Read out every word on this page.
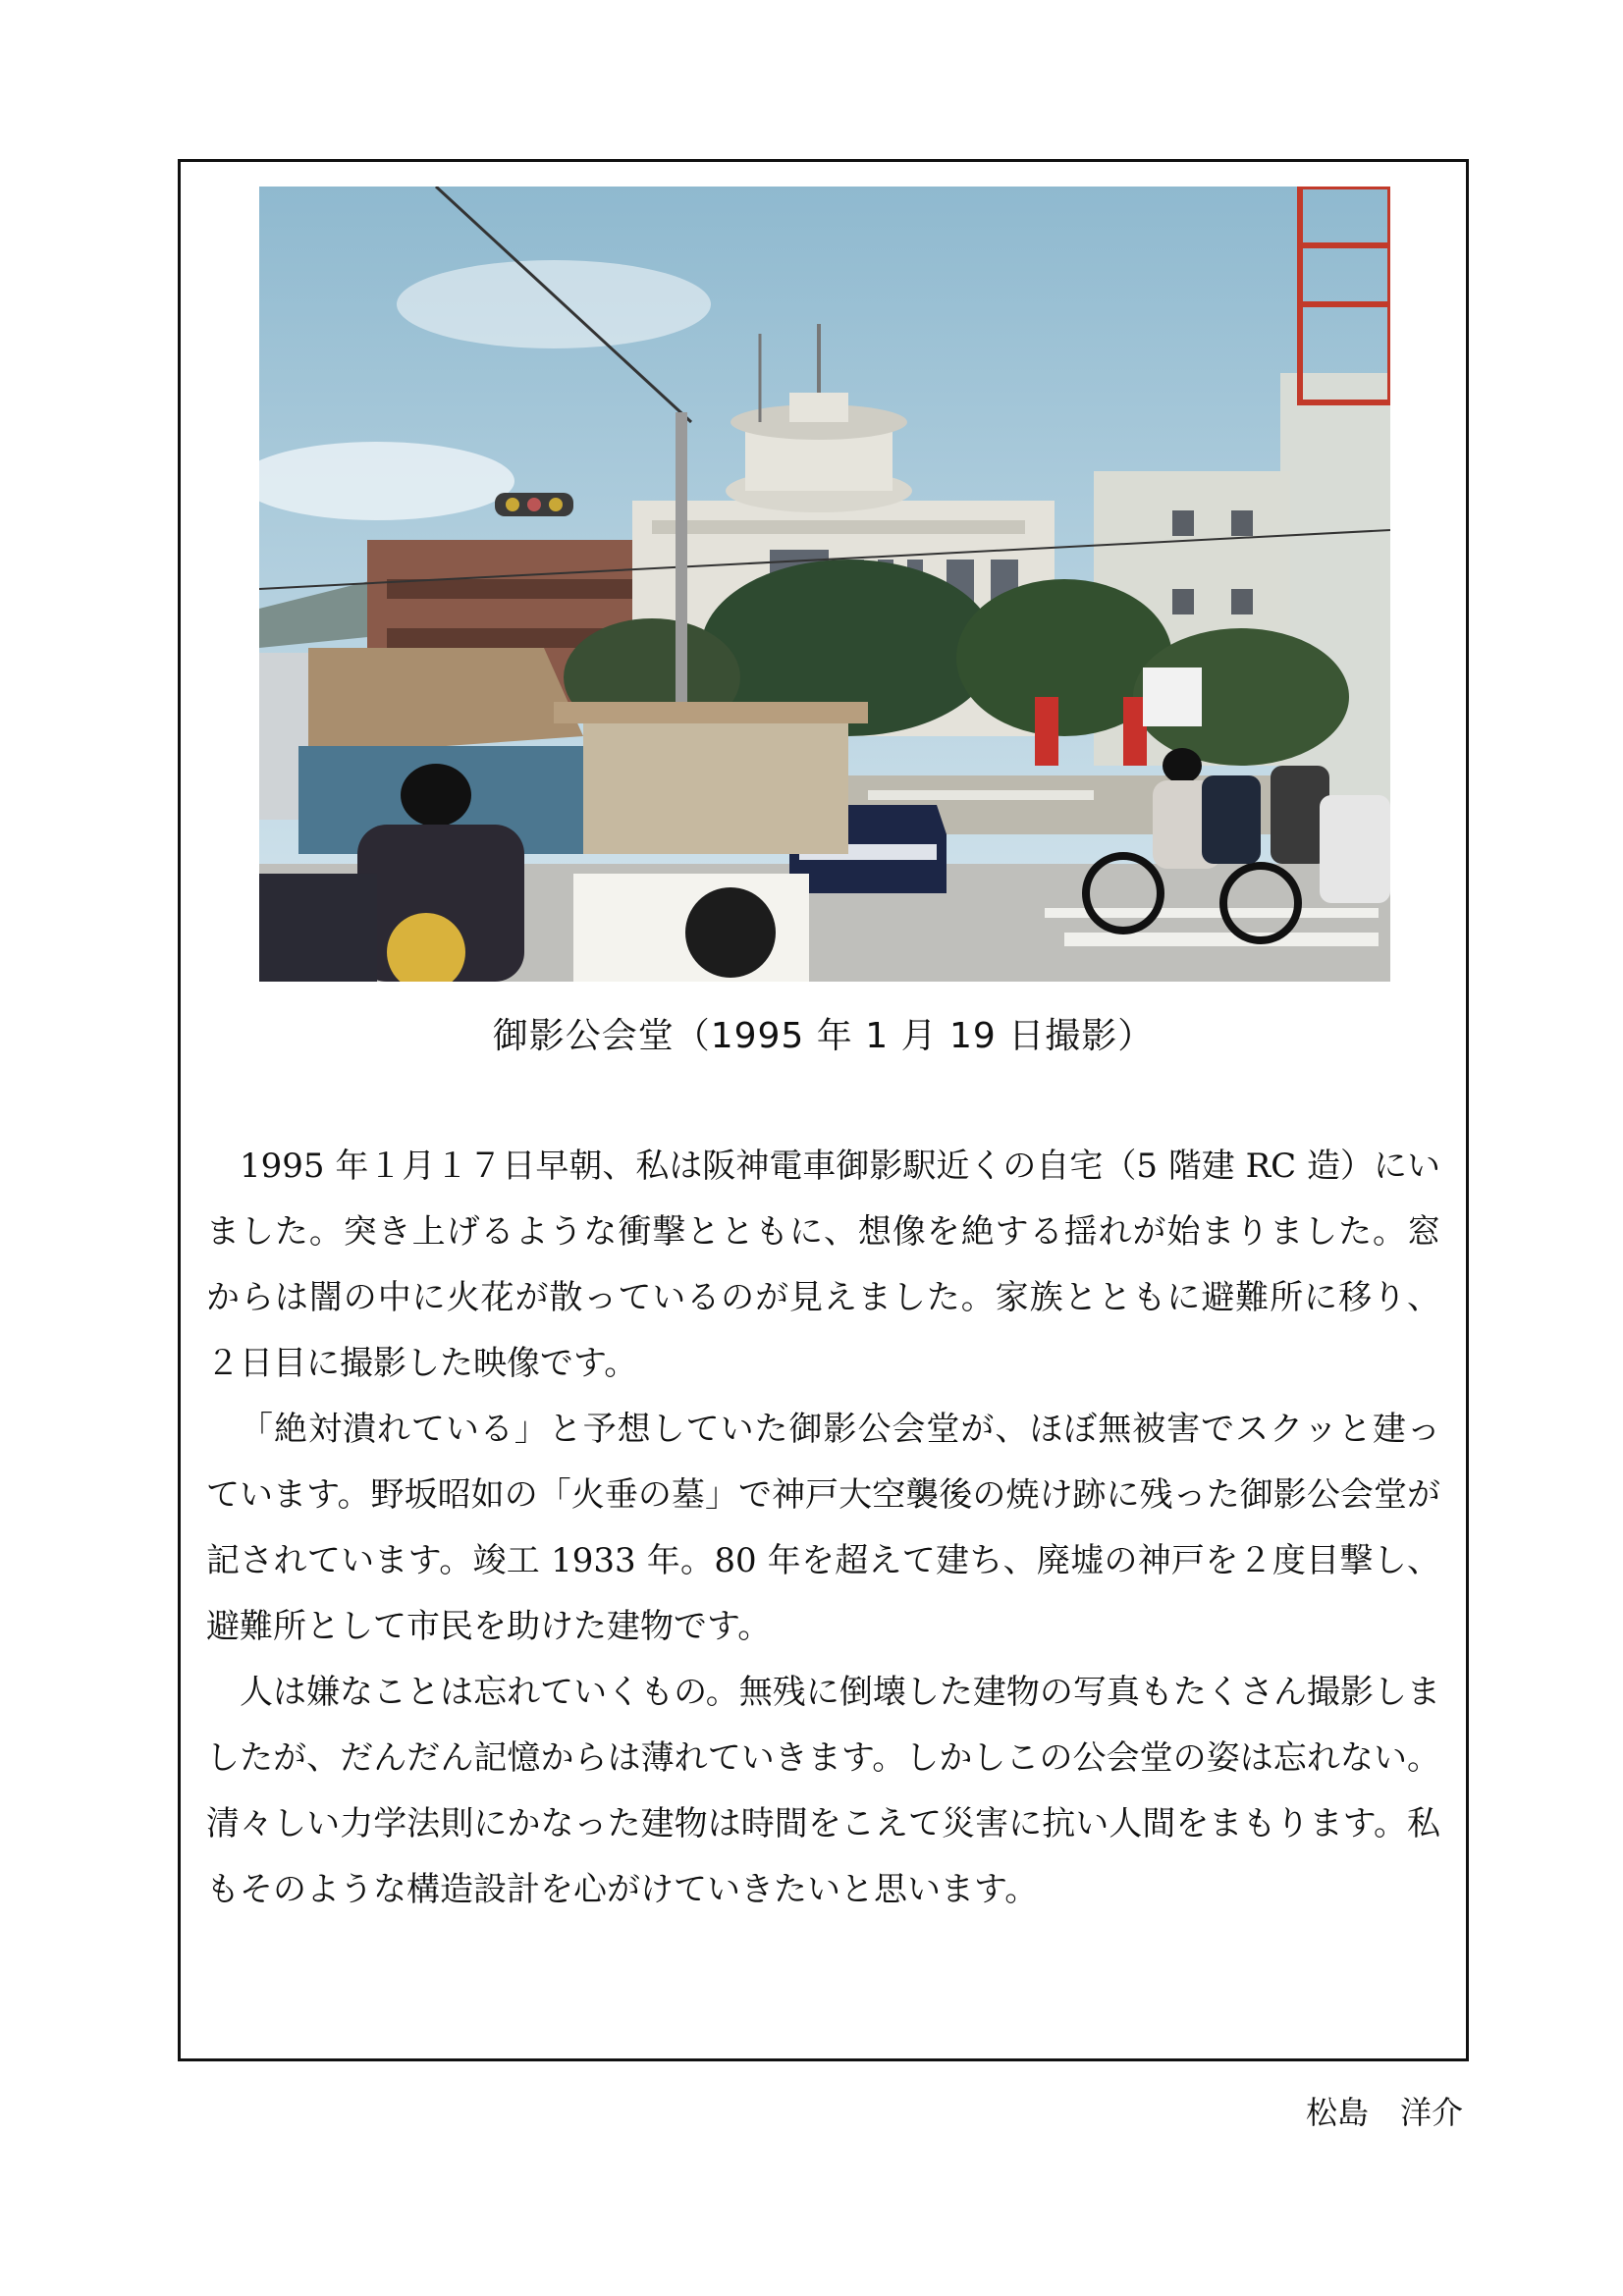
御影公会堂（1995 年 1 月 19 日撮影）

1995 年１月１７日早朝、私は阪神電車御影駅近くの自宅（5 階建 RC 造）にいました。突き上げるような衝撃とともに、想像を絶する揺れが始まりました。窓からは闇の中に火花が散っているのが見えました。家族とともに避難所に移り、２日目に撮影した映像です。

「絶対潰れている」と予想していた御影公会堂が、ほぼ無被害でスクッと建っています。野坂昭如の「火垂の墓」で神戸大空襲後の焼け跡に残った御影公会堂が記されています。竣工 1933 年。80 年を超えて建ち、廃墟の神戸を２度目撃し、避難所として市民を助けた建物です。

人は嫌なことは忘れていくもの。無残に倒壊した建物の写真もたくさん撮影しましたが、だんだん記憶からは薄れていきます。しかしこの公会堂の姿は忘れない。清々しい力学法則にかなった建物は時間をこえて災害に抗い人間をまもります。私もそのような構造設計を心がけていきたいと思います。

松島　洋介
